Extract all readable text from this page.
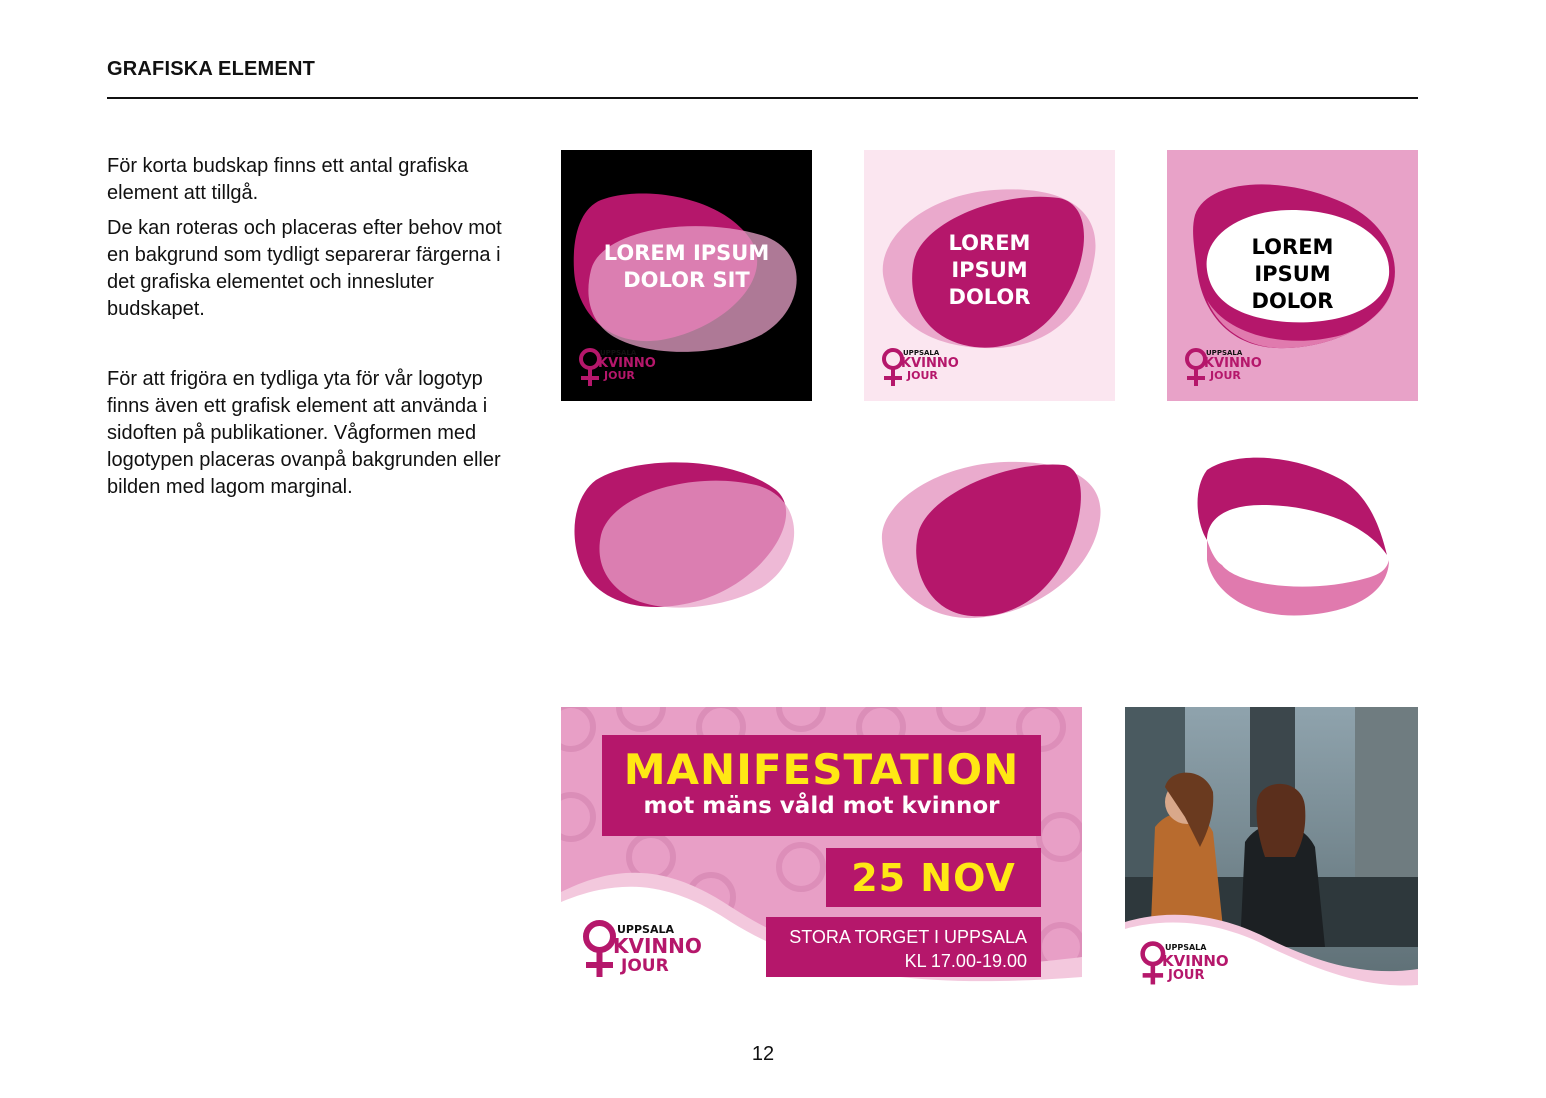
GRAFISKA ELEMENT

För korta budskap finns ett antal grafiska element att tillgå.

De kan roteras och placeras efter behov mot en bakgrund som tydligt separerar färgerna i det grafiska elementet och innesluter budskapet.

För att frigöra en tydliga yta för vår logotyp finns även ett grafisk element att använda i sidoften på publikationer. Vågformen med logotypen placeras ovanpå bakgrunden eller bilden med lagom marginal.

LOREM IPSUM
DOLOR SIT
UPPSALA
KVINNO
JOUR
LOREM
IPSUM
DOLOR
UPPSALA
KVINNO
JOUR
LOREM
IPSUM
DOLOR
UPPSALA
KVINNO
JOUR
MANIFESTATION
mot mäns våld mot kvinnor
25 NOV
STORA TORGET I UPPSALA
KL 17.00-19.00
UPPSALA
KVINNO
JOUR
UPPSALA
KVINNO
JOUR
12
